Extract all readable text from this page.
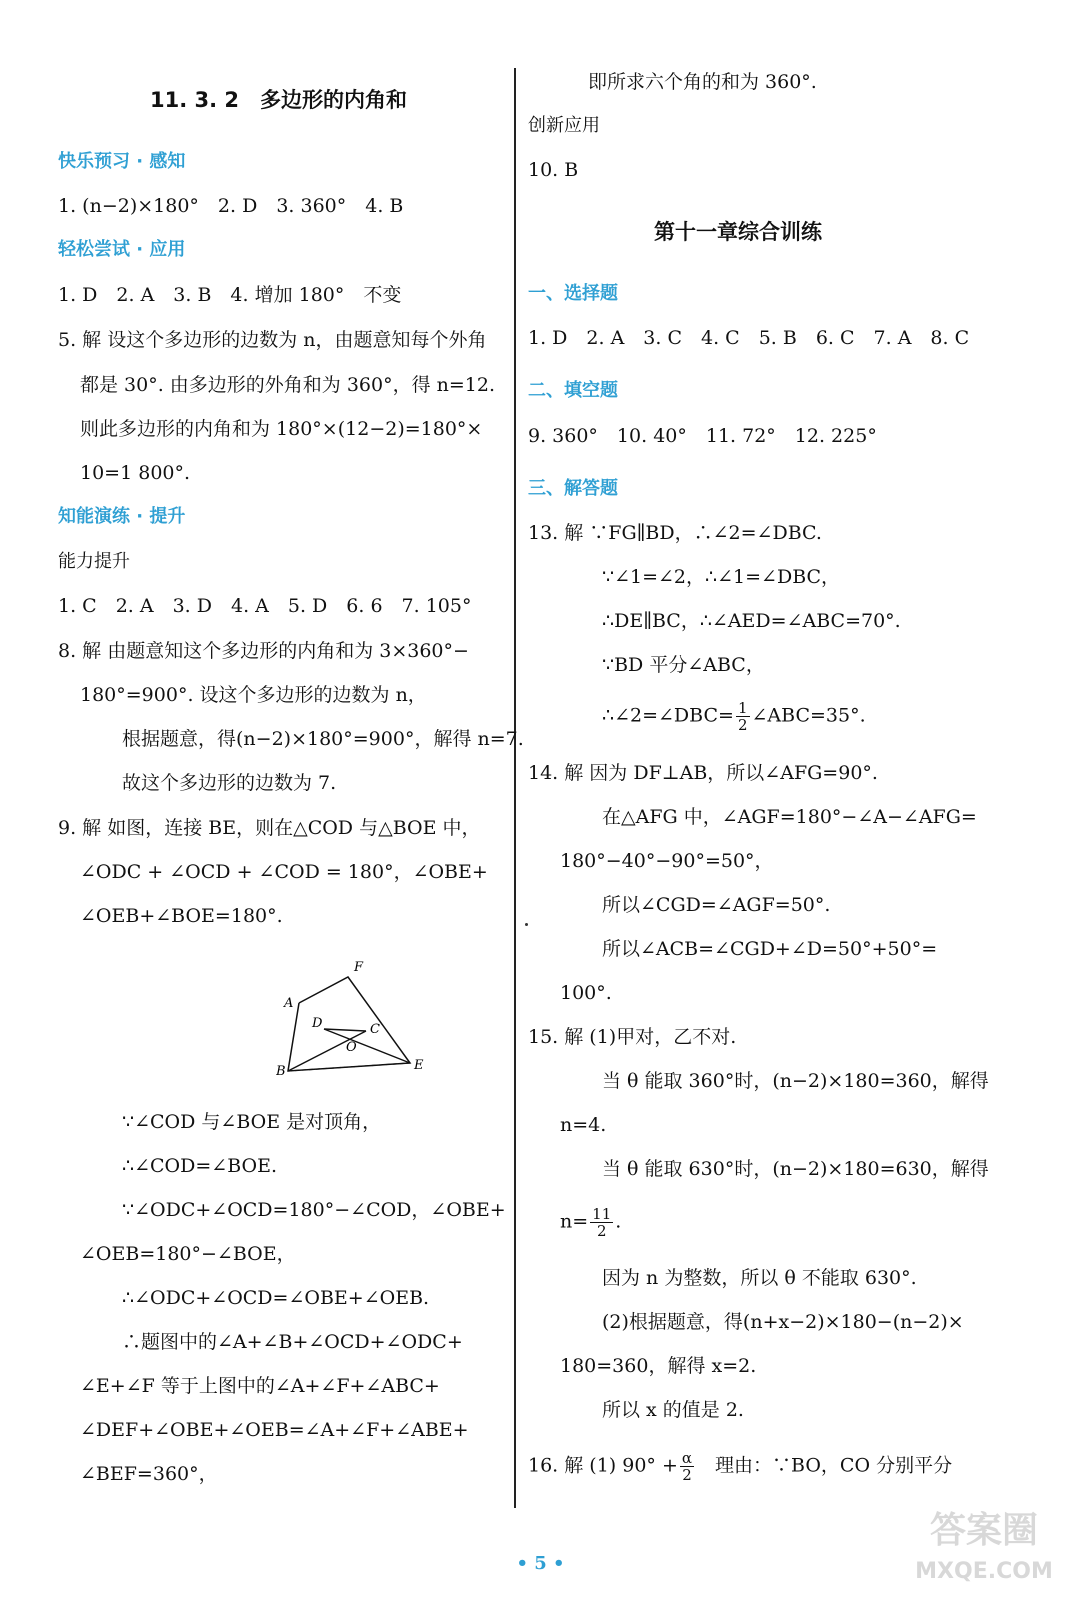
11. 3. 2　多边形的内角和
快乐预习 · 感知
1. (n−2)×180°　2. D　3. 360°　4. B
轻松尝试 · 应用
1. D　2. A　3. B　4. 增加 180°　不变
5. 解 设这个多边形的边数为 n，由题意知每个外角
都是 30°. 由多边形的外角和为 360°，得 n=12.
则此多边形的内角和为 180°×(12−2)=180°×
10=1 800°.
知能演练 · 提升
能力提升
1. C　2. A　3. D　4. A　5. D　6. 6　7. 105°
8. 解 由题意知这个多边形的内角和为 3×360°−
180°=900°. 设这个多边形的边数为 n，
根据题意，得(n−2)×180°=900°，解得 n=7.
故这个多边形的边数为 7.
9. 解 如图，连接 BE，则在△COD 与△BOE 中，
∠ODC + ∠OCD + ∠COD = 180°，∠OBE+
∠OEB+∠BOE=180°.
A
B
C
D
E
F
O
∵∠COD 与∠BOE 是对顶角，
∴∠COD=∠BOE.
∵∠ODC+∠OCD=180°−∠COD，∠OBE+
∠OEB=180°−∠BOE，
∴∠ODC+∠OCD=∠OBE+∠OEB.
∴题图中的∠A+∠B+∠OCD+∠ODC+
∠E+∠F 等于上图中的∠A+∠F+∠ABC+
∠DEF+∠OBE+∠OEB=∠A+∠F+∠ABE+
∠BEF=360°，
即所求六个角的和为 360°.
创新应用
10. B
第十一章综合训练
一、选择题
1. D　2. A　3. C　4. C　5. B　6. C　7. A　8. C
二、填空题
9. 360°　10. 40°　11. 72°　12. 225°
三、解答题
13. 解 ∵FG∥BD，∴∠2=∠DBC.
∵∠1=∠2，∴∠1=∠DBC，
∴DE∥BC，∴∠AED=∠ABC=70°.
∵BD 平分∠ABC，
∴∠2=∠DBC= $\frac{1}{2}$ ∠ABC=35°.
14. 解 因为 DF⊥AB，所以∠AFG=90°.
在△AFG 中，∠AGF=180°−∠A−∠AFG=
180°−40°−90°=50°，
所以∠CGD=∠AGF=50°.
所以∠ACB=∠CGD+∠D=50°+50°=
100°.
15. 解 (1)甲对，乙不对.
当 θ 能取 360°时，(n−2)×180=360，解得
n=4.
当 θ 能取 630°时，(n−2)×180=630，解得
$n= \frac{11}{2}$ .
因为 n 为整数，所以 θ 不能取 630°.
(2)根据题意，得(n+x−2)×180−(n−2)×
180=360，解得 x=2.
所以 x 的值是 2.
16. 解 (1) $90^\circ + \frac{\alpha}{2}$ 　理由：∵BO，CO 分别平分
• 5 •
答案圈
MXQE.COM
